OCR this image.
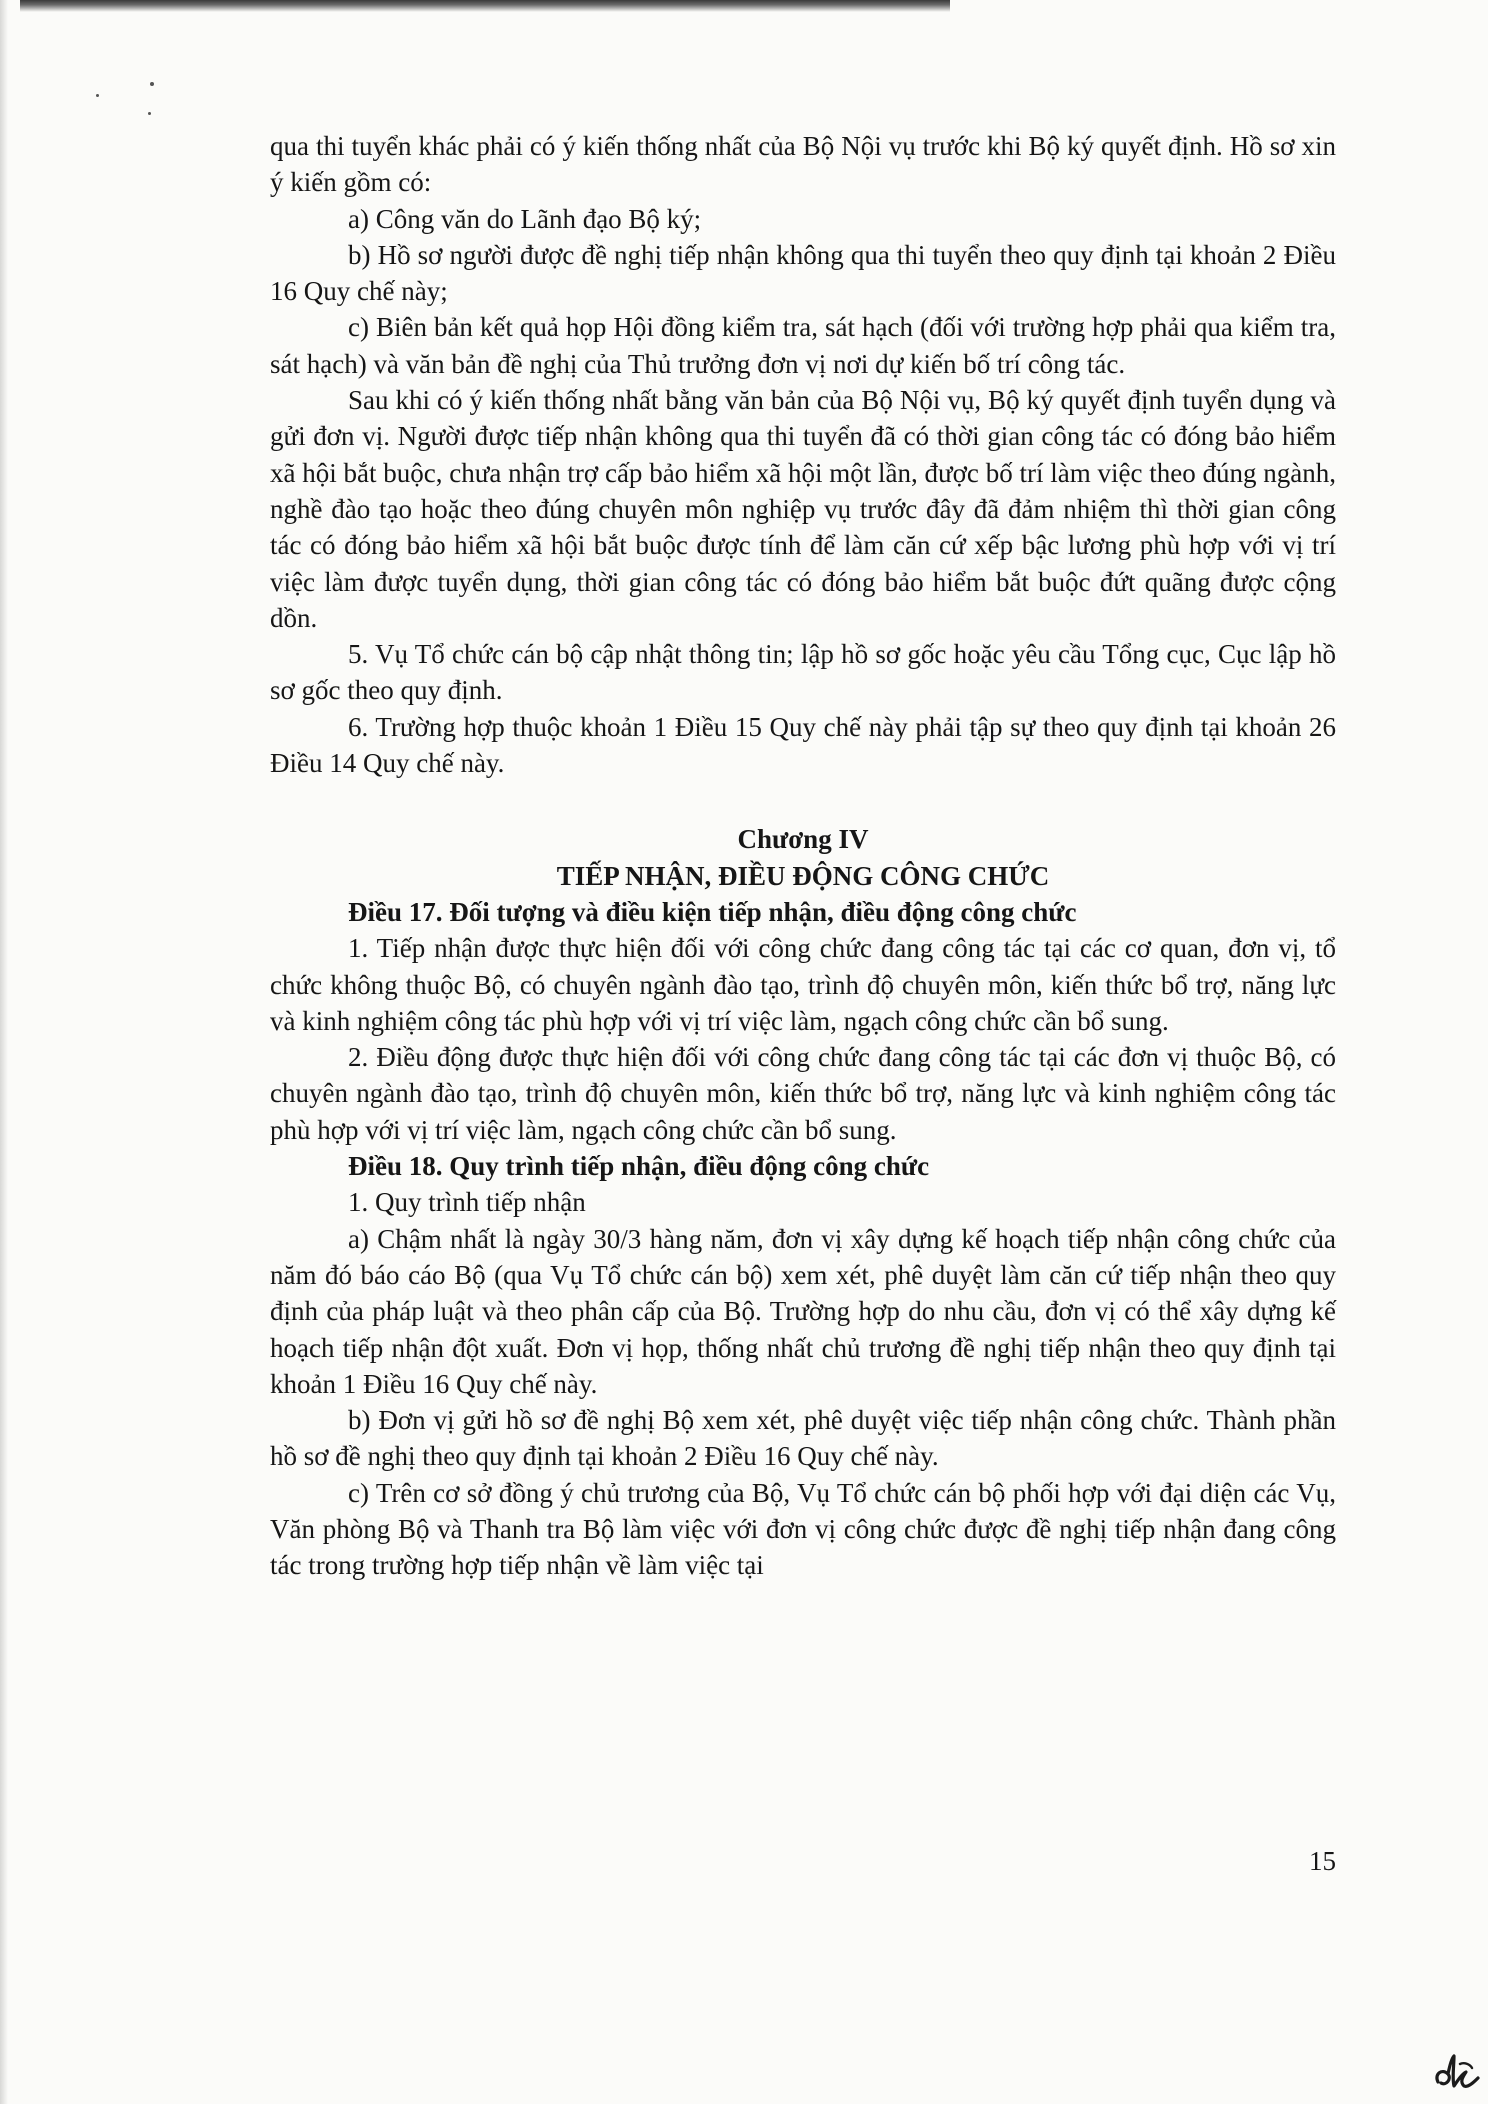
qua thi tuyển khác phải có ý kiến thống nhất của Bộ Nội vụ trước khi Bộ ký quyết định. Hồ sơ xin ý kiến gồm có:

a) Công văn do Lãnh đạo Bộ ký;

b) Hồ sơ người được đề nghị tiếp nhận không qua thi tuyển theo quy định tại khoản 2 Điều 16 Quy chế này;

c) Biên bản kết quả họp Hội đồng kiểm tra, sát hạch (đối với trường hợp phải qua kiểm tra, sát hạch) và văn bản đề nghị của Thủ trưởng đơn vị nơi dự kiến bố trí công tác.

Sau khi có ý kiến thống nhất bằng văn bản của Bộ Nội vụ, Bộ ký quyết định tuyển dụng và gửi đơn vị. Người được tiếp nhận không qua thi tuyển đã có thời gian công tác có đóng bảo hiểm xã hội bắt buộc, chưa nhận trợ cấp bảo hiểm xã hội một lần, được bố trí làm việc theo đúng ngành, nghề đào tạo hoặc theo đúng chuyên môn nghiệp vụ trước đây đã đảm nhiệm thì thời gian công tác có đóng bảo hiểm xã hội bắt buộc được tính để làm căn cứ xếp bậc lương phù hợp với vị trí việc làm được tuyển dụng, thời gian công tác có đóng bảo hiểm bắt buộc đứt quãng được cộng dồn.

5. Vụ Tổ chức cán bộ cập nhật thông tin; lập hồ sơ gốc hoặc yêu cầu Tổng cục, Cục lập hồ sơ gốc theo quy định.

6. Trường hợp thuộc khoản 1 Điều 15 Quy chế này phải tập sự theo quy định tại khoản 26 Điều 14 Quy chế này.

Chương IV

TIẾP NHẬN, ĐIỀU ĐỘNG CÔNG CHỨC

Điều 17. Đối tượng và điều kiện tiếp nhận, điều động công chức

1. Tiếp nhận được thực hiện đối với công chức đang công tác tại các cơ quan, đơn vị, tổ chức không thuộc Bộ, có chuyên ngành đào tạo, trình độ chuyên môn, kiến thức bổ trợ, năng lực và kinh nghiệm công tác phù hợp với vị trí việc làm, ngạch công chức cần bổ sung.

2. Điều động được thực hiện đối với công chức đang công tác tại các đơn vị thuộc Bộ, có chuyên ngành đào tạo, trình độ chuyên môn, kiến thức bổ trợ, năng lực và kinh nghiệm công tác phù hợp với vị trí việc làm, ngạch công chức cần bổ sung.

Điều 18. Quy trình tiếp nhận, điều động công chức

1. Quy trình tiếp nhận

a) Chậm nhất là ngày 30/3 hàng năm, đơn vị xây dựng kế hoạch tiếp nhận công chức của năm đó báo cáo Bộ (qua Vụ Tổ chức cán bộ) xem xét, phê duyệt làm căn cứ tiếp nhận theo quy định của pháp luật và theo phân cấp của Bộ. Trường hợp do nhu cầu, đơn vị có thể xây dựng kế hoạch tiếp nhận đột xuất. Đơn vị họp, thống nhất chủ trương đề nghị tiếp nhận theo quy định tại khoản 1 Điều 16 Quy chế này.

b) Đơn vị gửi hồ sơ đề nghị Bộ xem xét, phê duyệt việc tiếp nhận công chức. Thành phần hồ sơ đề nghị theo quy định tại khoản 2 Điều 16 Quy chế này.

c) Trên cơ sở đồng ý chủ trương của Bộ, Vụ Tổ chức cán bộ phối hợp với đại diện các Vụ, Văn phòng Bộ và Thanh tra Bộ làm việc với đơn vị công chức được đề nghị tiếp nhận đang công tác trong trường hợp tiếp nhận về làm việc tại

15
